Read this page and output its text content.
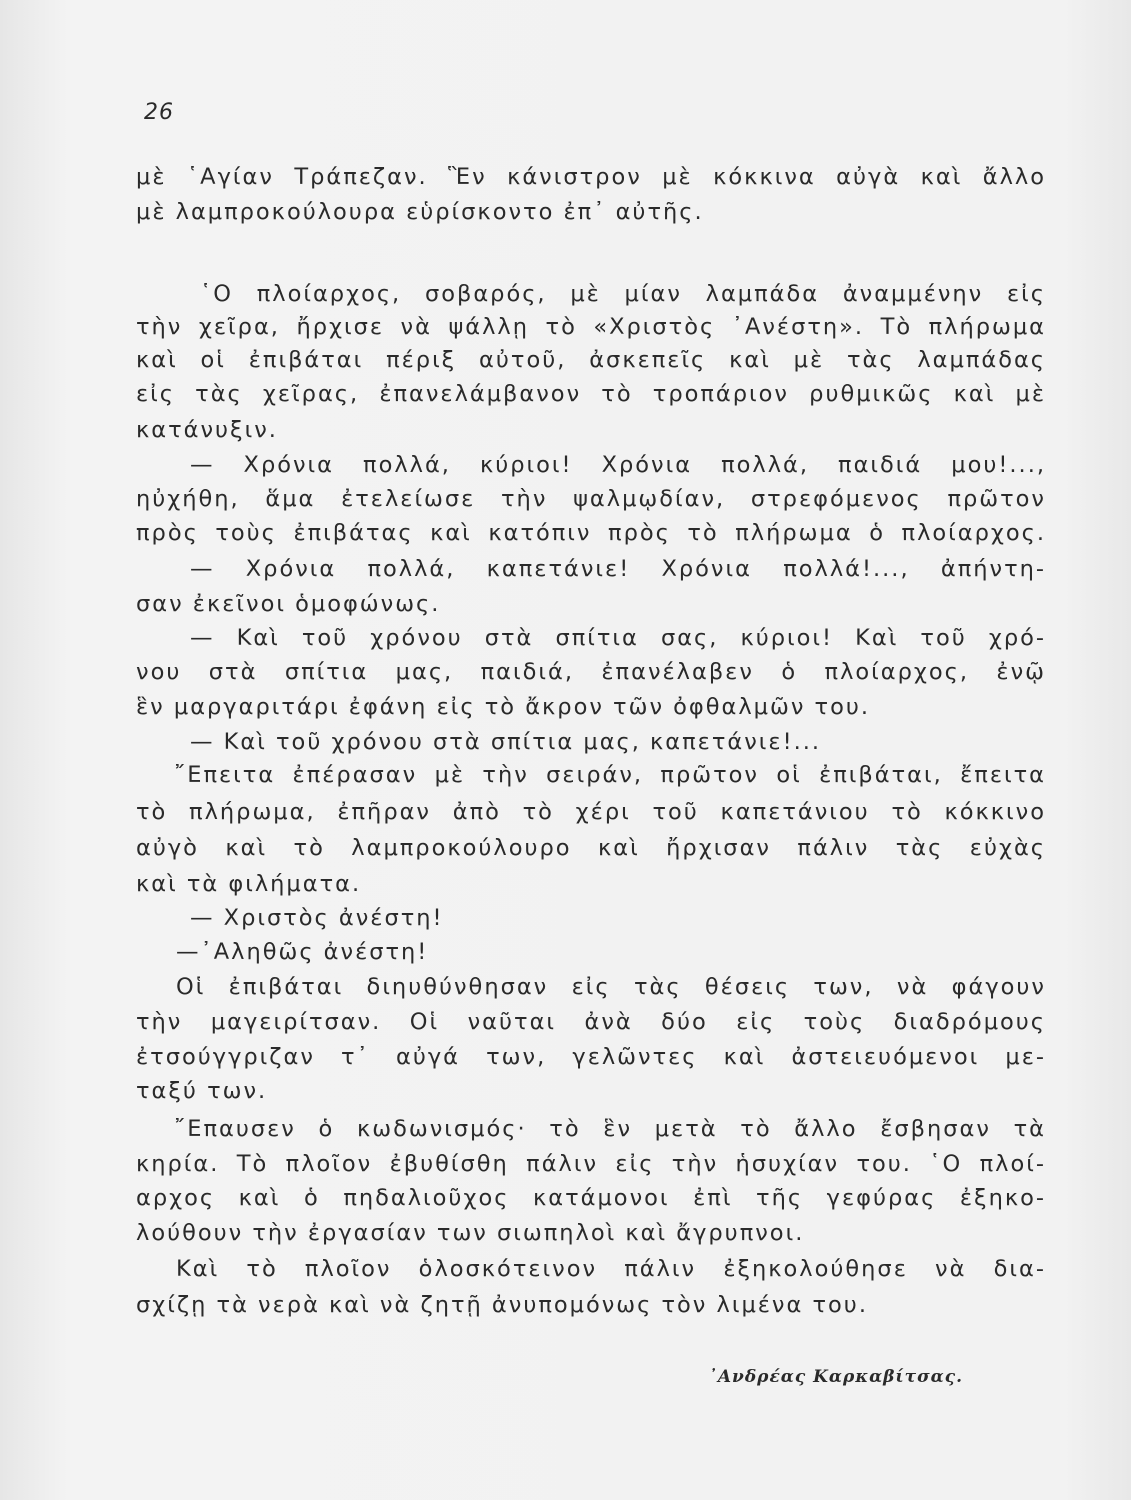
26
μὲ ῾Αγίαν Τράπεζαν. Ἓν κάνιστρον μὲ κόκκινα αὐγὰ καὶ ἄλλο
μὲ λαμπροκούλουρα εὑρίσκοντο ἐπ᾽ αὐτῆς.
῾Ο πλοίαρχος, σοβαρός, μὲ μίαν λαμπάδα ἀναμμένην εἰς
τὴν χεῖρα, ἤρχισε νὰ ψάλλῃ τὸ «Χριστὸς ᾽Ανέστη». Τὸ πλήρωμα
καὶ οἱ ἐπιβάται πέριξ αὐτοῦ, ἀσκεπεῖς καὶ μὲ τὰς λαμπάδας
εἰς τὰς χεῖρας, ἐπανελάμβανον τὸ τροπάριον ρυθμικῶς καὶ μὲ
κατάνυξιν.
— Χρόνια πολλά, κύριοι! Χρόνια πολλά, παιδιά μου!...,
ηὐχήθη, ἅμα ἐτελείωσε τὴν ψαλμῳδίαν, στρεφόμενος πρῶτον
πρὸς τοὺς ἐπιβάτας καὶ κατόπιν πρὸς τὸ πλήρωμα ὁ πλοίαρχος.
— Χρόνια πολλά, καπετάνιε! Χρόνια πολλά!..., ἀπήντη-
σαν ἐκεῖνοι ὁμοφώνως.
— Καὶ τοῦ χρόνου στὰ σπίτια σας, κύριοι! Καὶ τοῦ χρό-
νου στὰ σπίτια μας, παιδιά, ἐπανέλαβεν ὁ πλοίαρχος, ἐνῷ
ἓν μαργαριτάρι ἐφάνη εἰς τὸ ἄκρον τῶν ὀφθαλμῶν του.
— Καὶ τοῦ χρόνου στὰ σπίτια μας, καπετάνιε!...
῎Επειτα ἐπέρασαν μὲ τὴν σειράν, πρῶτον οἱ ἐπιβάται, ἔπειτα
τὸ πλήρωμα, ἐπῆραν ἀπὸ τὸ χέρι τοῦ καπετάνιου τὸ κόκκινο
αὐγὸ καὶ τὸ λαμπροκούλουρο καὶ ἤρχισαν πάλιν τὰς εὐχὰς
καὶ τὰ φιλήματα.
— Χριστὸς ἀνέστη!
—᾽Αληθῶς ἀνέστη!
Οἱ ἐπιβάται διηυθύνθησαν εἰς τὰς θέσεις των, νὰ φάγουν
τὴν μαγειρίτσαν. Οἱ ναῦται ἀνὰ δύο εἰς τοὺς διαδρόμους
ἐτσούγγριζαν τ᾽ αὐγά των, γελῶντες καὶ ἀστειευόμενοι με-
ταξύ των.
῎Επαυσεν ὁ κωδωνισμός· τὸ ἓν μετὰ τὸ ἄλλο ἔσβησαν τὰ
κηρία. Τὸ πλοῖον ἐβυθίσθη πάλιν εἰς τὴν ἡσυχίαν του. ῾Ο πλοί-
αρχος καὶ ὁ πηδαλιοῦχος κατάμονοι ἐπὶ τῆς γεφύρας ἐξηκο-
λούθουν τὴν ἐργασίαν των σιωπηλοὶ καὶ ἄγρυπνοι.
Καὶ τὸ πλοῖον ὁλοσκότεινον πάλιν ἐξηκολούθησε νὰ δια-
σχίζῃ τὰ νερὰ καὶ νὰ ζητῇ ἀνυπομόνως τὸν λιμένα του.
᾽Ανδρέας Καρκαβίτσας.
